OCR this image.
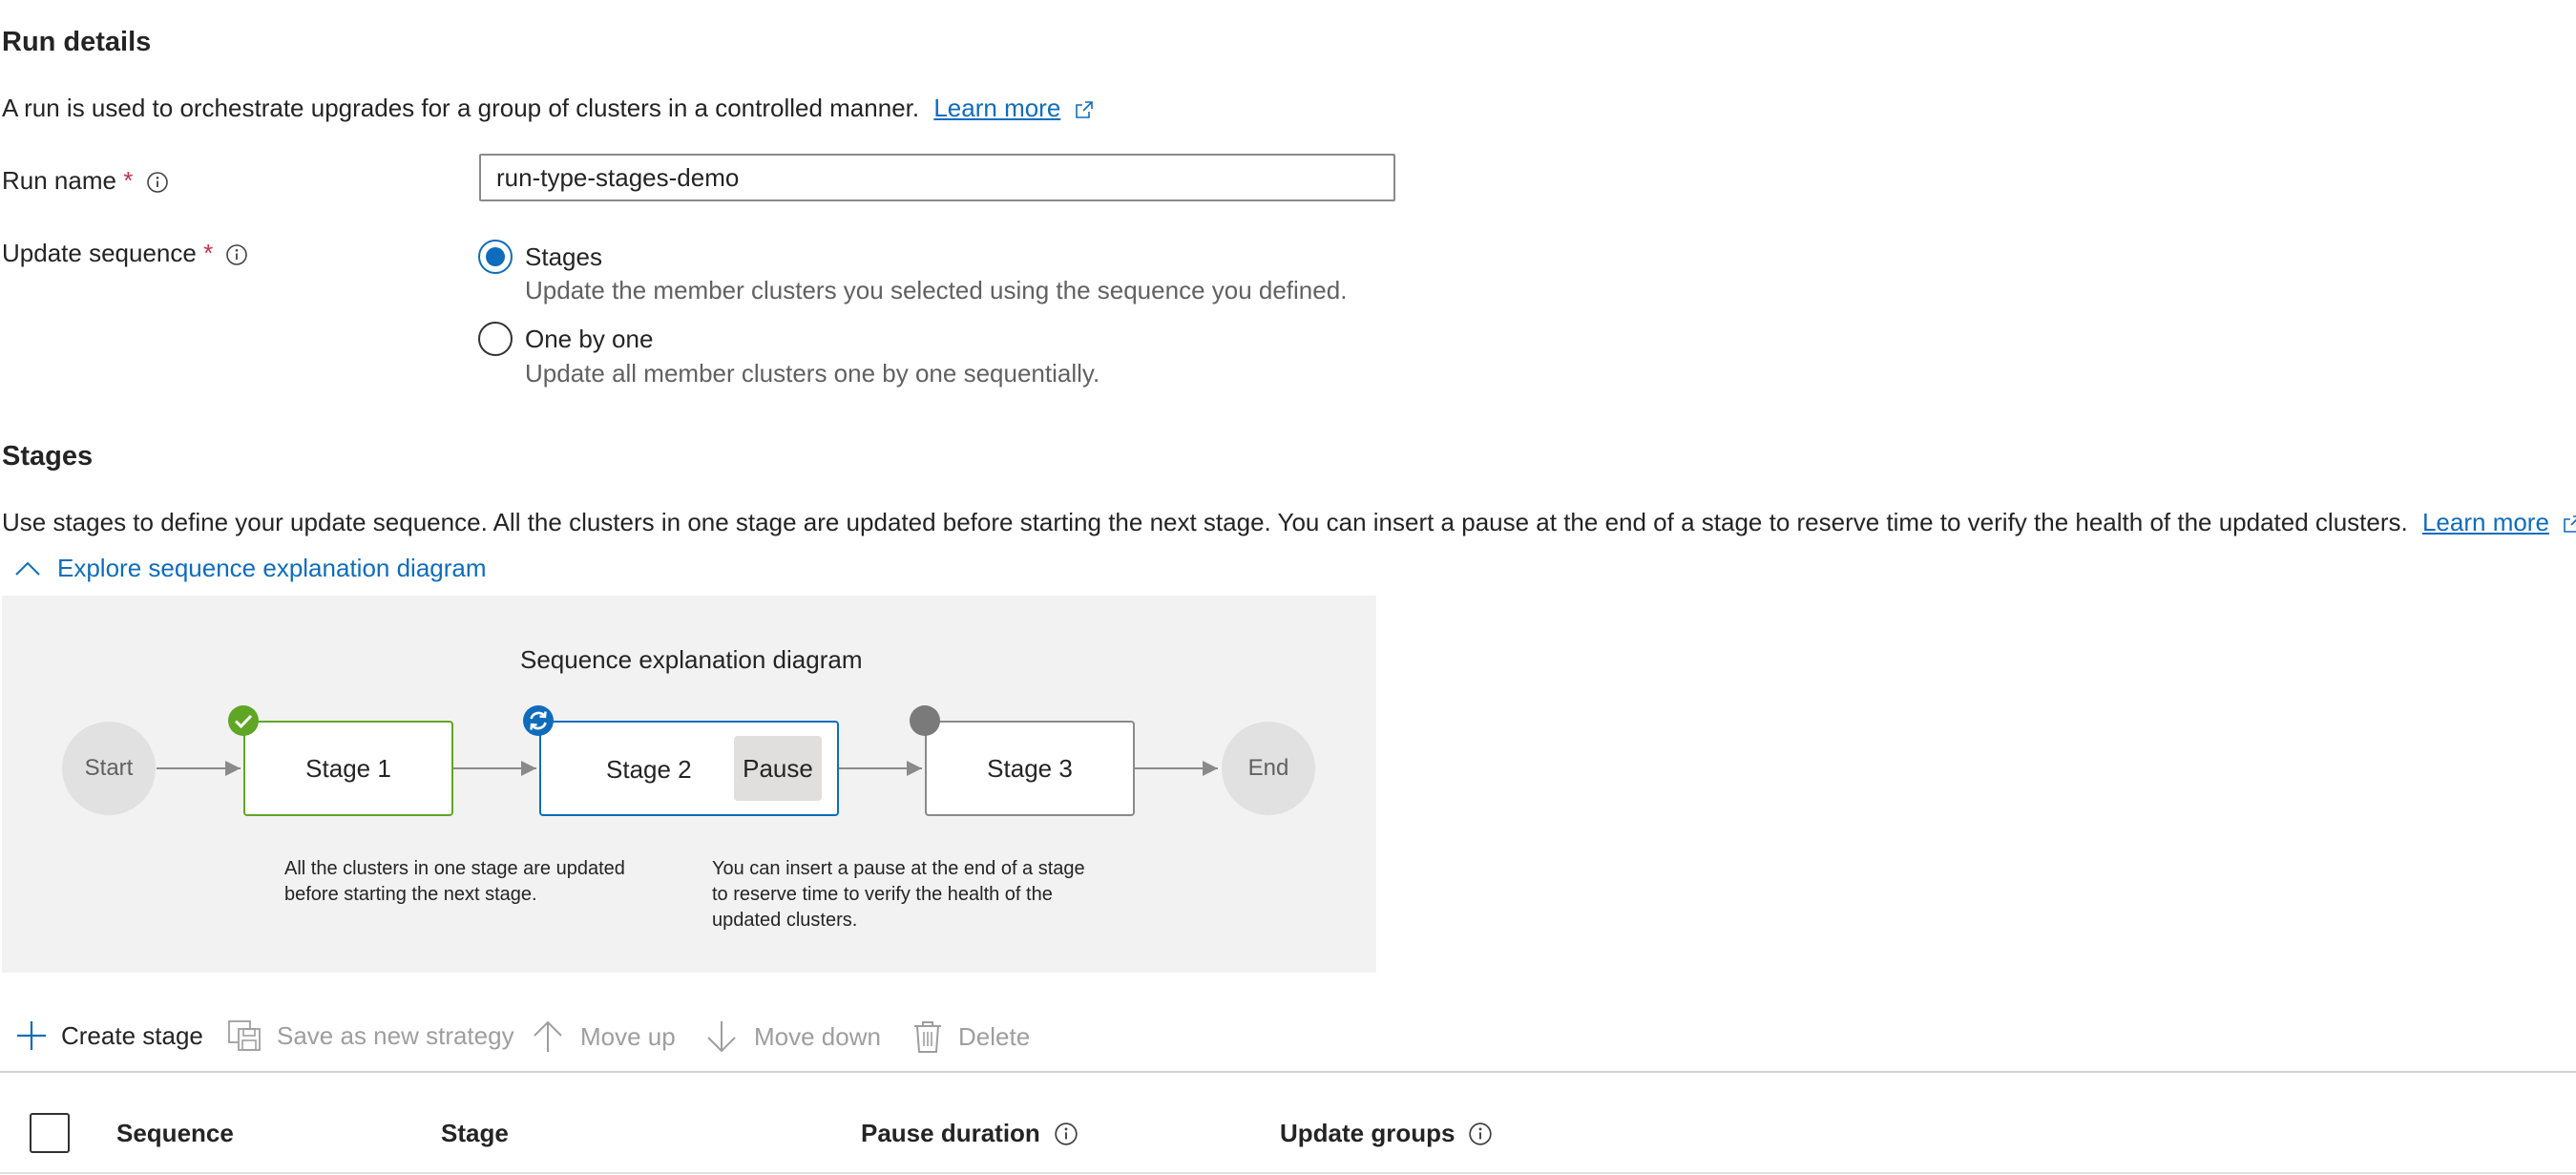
Run details
A run is used to orchestrate upgrades for a group of clusters in a controlled manner. Learn more
Run name *	run-type-stages-demo
Update sequence *	Stages
Update the member clusters you selected using the sequence you defined.
One by one
Update all member clusters one by one sequentially.
Stages
Use stages to define your update sequence. All the clusters in one stage are updated before starting the next stage. You can insert a pause at the end of a stage to reserve time to verify the health of the updated clusters. Learn more
Explore sequence explanation diagram
Sequence explanation diagram
Start	End
Stage 1	Stage 2	Pause	Stage 3
All the clusters in one stage are updated
before starting the next stage.
You can insert a pause at the end of a stage
to reserve time to verify the health of the
updated clusters.
Create stage	Save as new strategy	Move up	Move down	Delete
Sequence	Stage	Pause duration	Update groups
